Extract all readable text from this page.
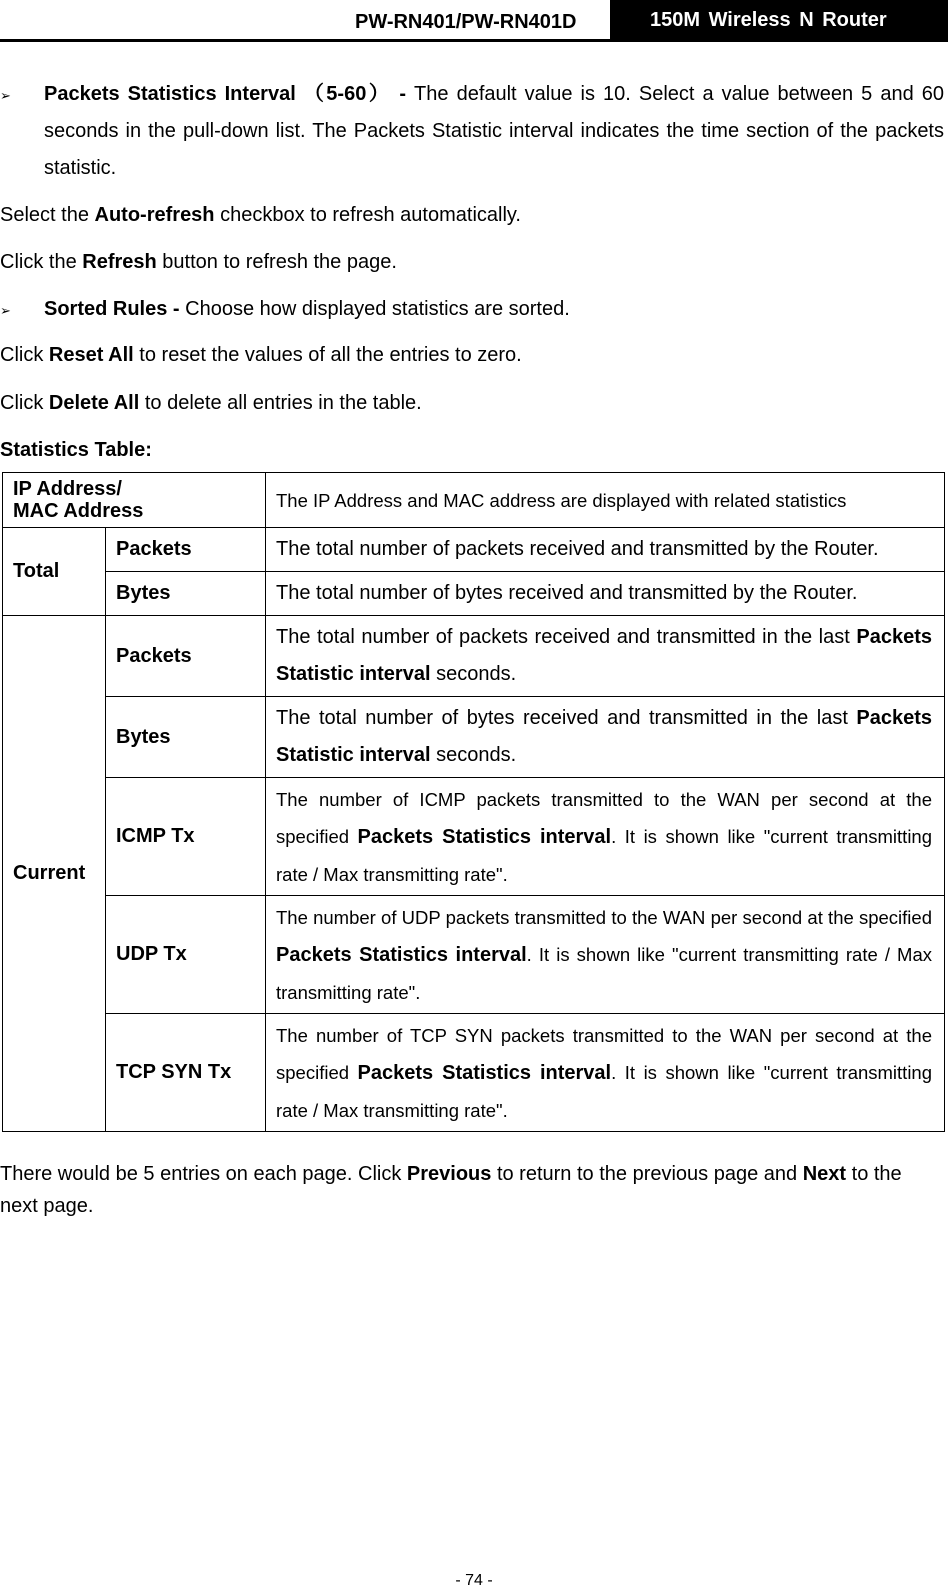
PW-RN401/PW-RN401D	150M Wireless N Router
➢ Packets Statistics Interval （5-60） - The default value is 10. Select a value between 5 and 60 seconds in the pull-down list. The Packets Statistic interval indicates the time section of the packets statistic.
Select the Auto-refresh checkbox to refresh automatically.
Click the Refresh button to refresh the page.
➢ Sorted Rules - Choose how displayed statistics are sorted.
Click Reset All to reset the values of all the entries to zero.
Click Delete All to delete all entries in the table.
Statistics Table:
IP Address/
MAC Address		The IP Address and MAC address are displayed with related statistics
Total	Packets	The total number of packets received and transmitted by the Router.
	Bytes	The total number of bytes received and transmitted by the Router.
Current	Packets	The total number of packets received and transmitted in the last Packets Statistic interval seconds.
	Bytes	The total number of bytes received and transmitted in the last Packets Statistic interval seconds.
	ICMP Tx	The number of ICMP packets transmitted to the WAN per second at the specified Packets Statistics interval. It is shown like "current transmitting rate / Max transmitting rate".
	UDP Tx	The number of UDP packets transmitted to the WAN per second at the specified Packets Statistics interval. It is shown like "current transmitting rate / Max transmitting rate".
	TCP SYN Tx	The number of TCP SYN packets transmitted to the WAN per second at the specified Packets Statistics interval. It is shown like "current transmitting rate / Max transmitting rate".
There would be 5 entries on each page. Click Previous to return to the previous page and Next to the next page.
- 74 -
